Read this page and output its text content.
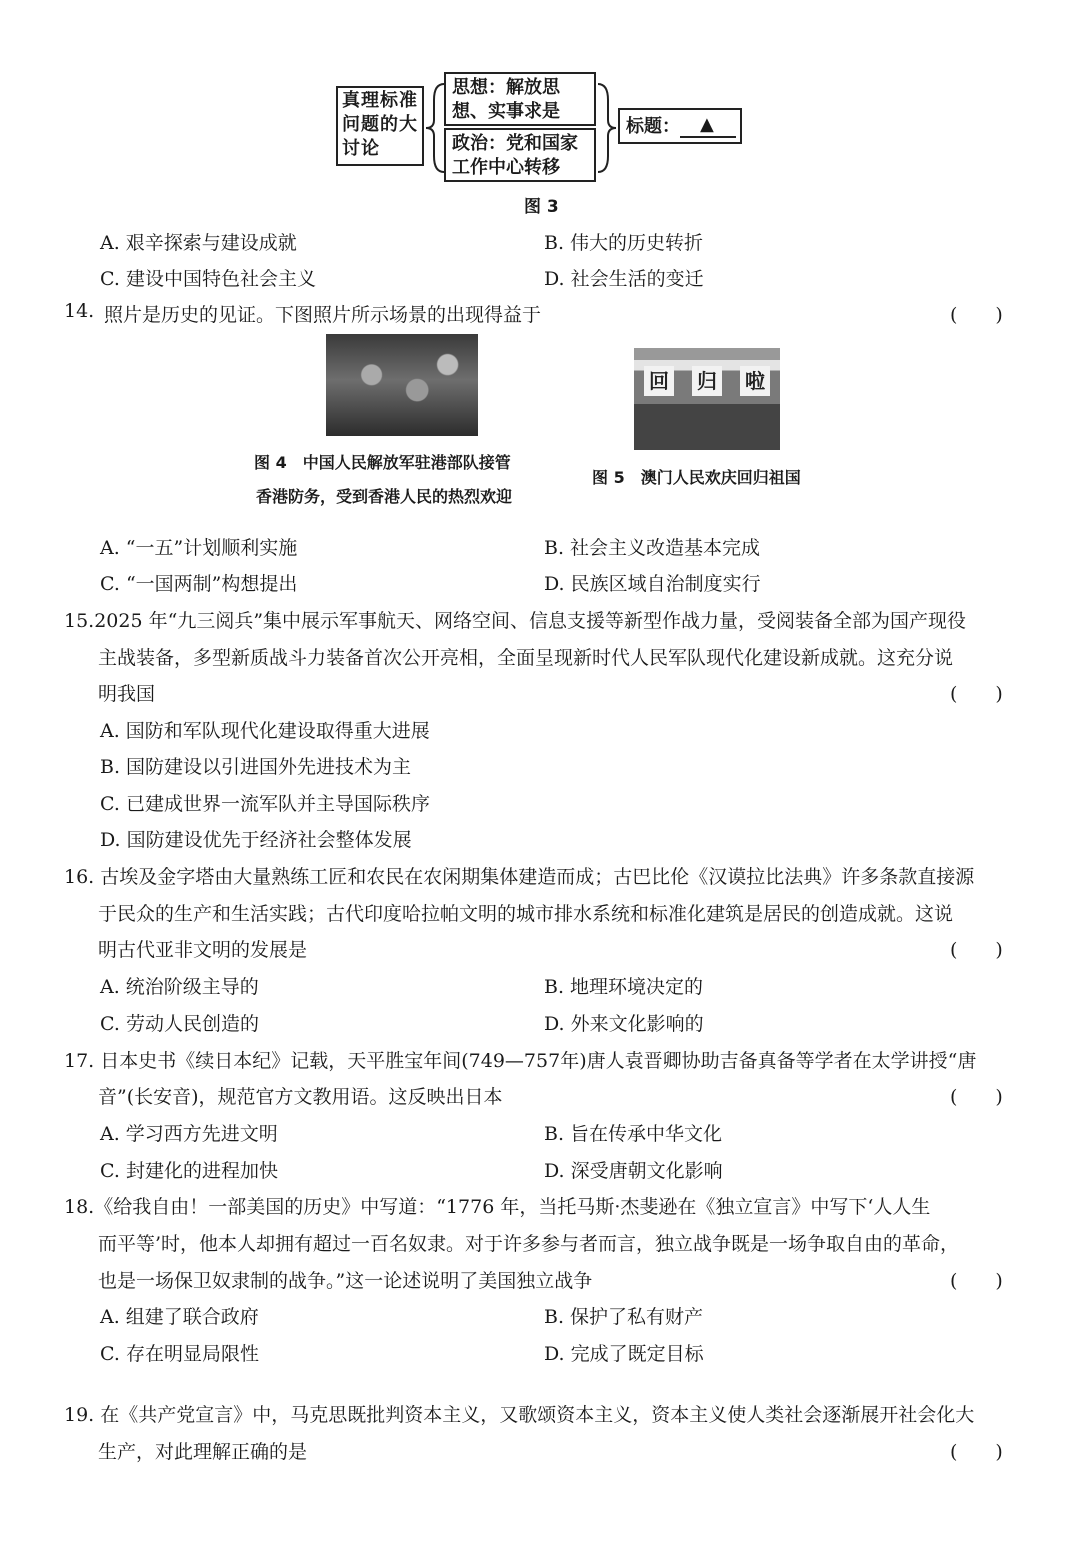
真理标准问题的大讨论
思想：解放思想、实事求是
政治：党和国家工作中心转移
标题：	▲
图 3
A. 艰辛探索与建设成就	B. 伟大的历史转折
C. 建设中国特色社会主义	D. 社会生活的变迁
14. 照片是历史的见证。下图照片所示场景的出现得益于	(　　)
回 归 啦
图 4　中国人民解放军驻港部队接管
香港防务，受到香港人民的热烈欢迎
图 5　澳门人民欢庆回归祖国
A. “一五”计划顺利实施	B. 社会主义改造基本完成
C. “一国两制”构想提出	D. 民族区域自治制度实行
15.2025 年“九三阅兵”集中展示军事航天、网络空间、信息支援等新型作战力量，受阅装备全部为国产现役
主战装备，多型新质战斗力装备首次公开亮相，全面呈现新时代人民军队现代化建设新成就。这充分说
明我国	(　　)
A. 国防和军队现代化建设取得重大进展
B. 国防建设以引进国外先进技术为主
C. 已建成世界一流军队并主导国际秩序
D. 国防建设优先于经济社会整体发展
16. 古埃及金字塔由大量熟练工匠和农民在农闲期集体建造而成；古巴比伦《汉谟拉比法典》许多条款直接源
于民众的生产和生活实践；古代印度哈拉帕文明的城市排水系统和标准化建筑是居民的创造成就。这说
明古代亚非文明的发展是	(　　)
A. 统治阶级主导的	B. 地理环境决定的
C. 劳动人民创造的	D. 外来文化影响的
17. 日本史书《续日本纪》记载，天平胜宝年间(749—757年)唐人袁晋卿协助吉备真备等学者在太学讲授“唐
音”(长安音)，规范官方文教用语。这反映出日本	(　　)
A. 学习西方先进文明	B. 旨在传承中华文化
C. 封建化的进程加快	D. 深受唐朝文化影响
18.《给我自由！一部美国的历史》中写道：“1776 年，当托马斯·杰斐逊在《独立宣言》中写下‘人人生
而平等’时，他本人却拥有超过一百名奴隶。对于许多参与者而言，独立战争既是一场争取自由的革命，
也是一场保卫奴隶制的战争。”这一论述说明了美国独立战争	(　　)
A. 组建了联合政府	B. 保护了私有财产
C. 存在明显局限性	D. 完成了既定目标
19. 在《共产党宣言》中，马克思既批判资本主义，又歌颂资本主义，资本主义使人类社会逐渐展开社会化大
生产，对此理解正确的是	(　　)
